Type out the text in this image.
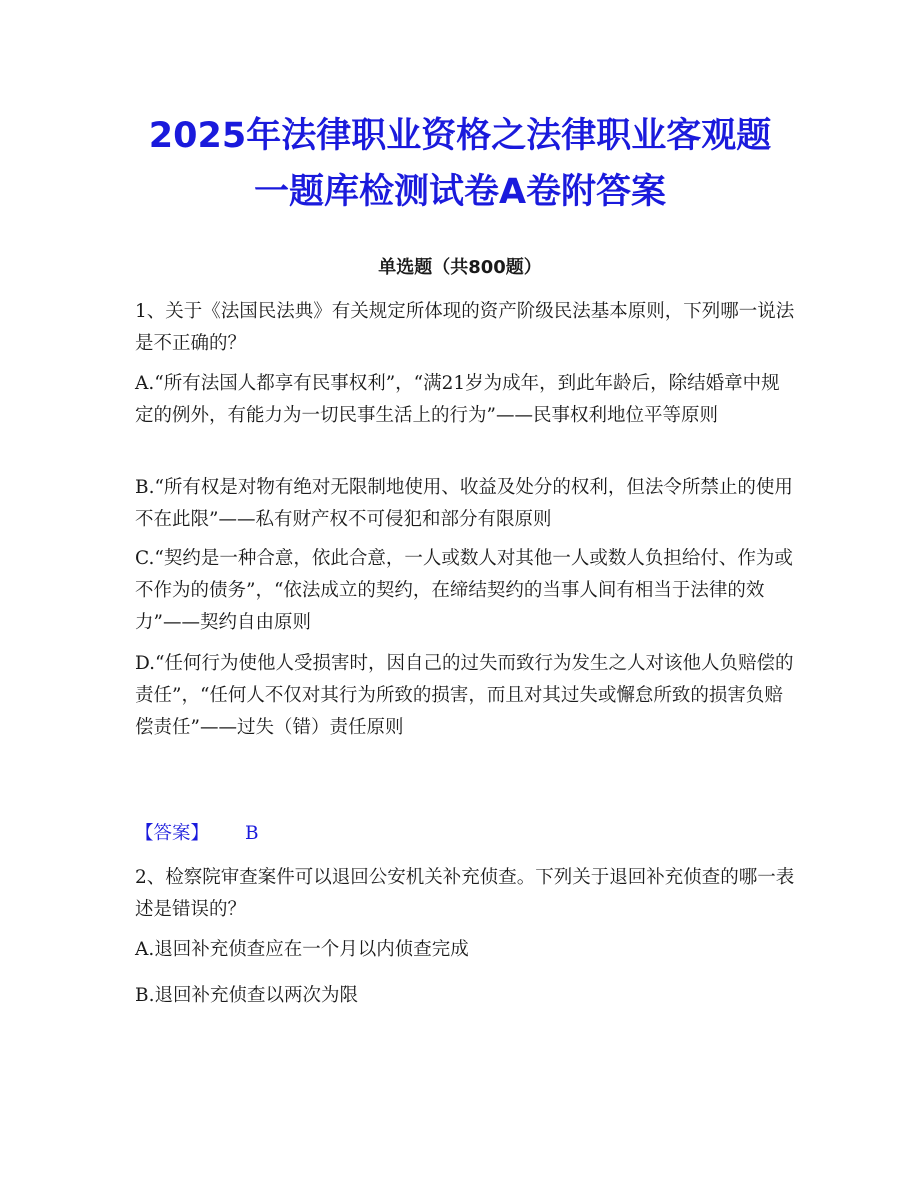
2025年法律职业资格之法律职业客观题
一题库检测试卷A卷附答案
单选题（共800题）

1、关于《法国民法典》有关规定所体现的资产阶级民法基本原则，下列哪一说法是不正确的？

A.“所有法国人都享有民事权利”，“满21岁为成年，到此年龄后，除结婚章中规定的例外，有能力为一切民事生活上的行为”——民事权利地位平等原则

B.“所有权是对物有绝对无限制地使用、收益及处分的权利，但法令所禁止的使用不在此限”——私有财产权不可侵犯和部分有限原则

C.“契约是一种合意，依此合意，一人或数人对其他一人或数人负担给付、作为或不作为的债务”，“依法成立的契约，在缔结契约的当事人间有相当于法律的效力”——契约自由原则

D.“任何行为使他人受损害时，因自己的过失而致行为发生之人对该他人负赔偿的责任”，“任何人不仅对其行为所致的损害，而且对其过失或懈怠所致的损害负赔偿责任”——过失（错）责任原则

【答案】 B

2、检察院审查案件可以退回公安机关补充侦查。下列关于退回补充侦查的哪一表述是错误的？

A.退回补充侦查应在一个月以内侦查完成

B.退回补充侦查以两次为限
